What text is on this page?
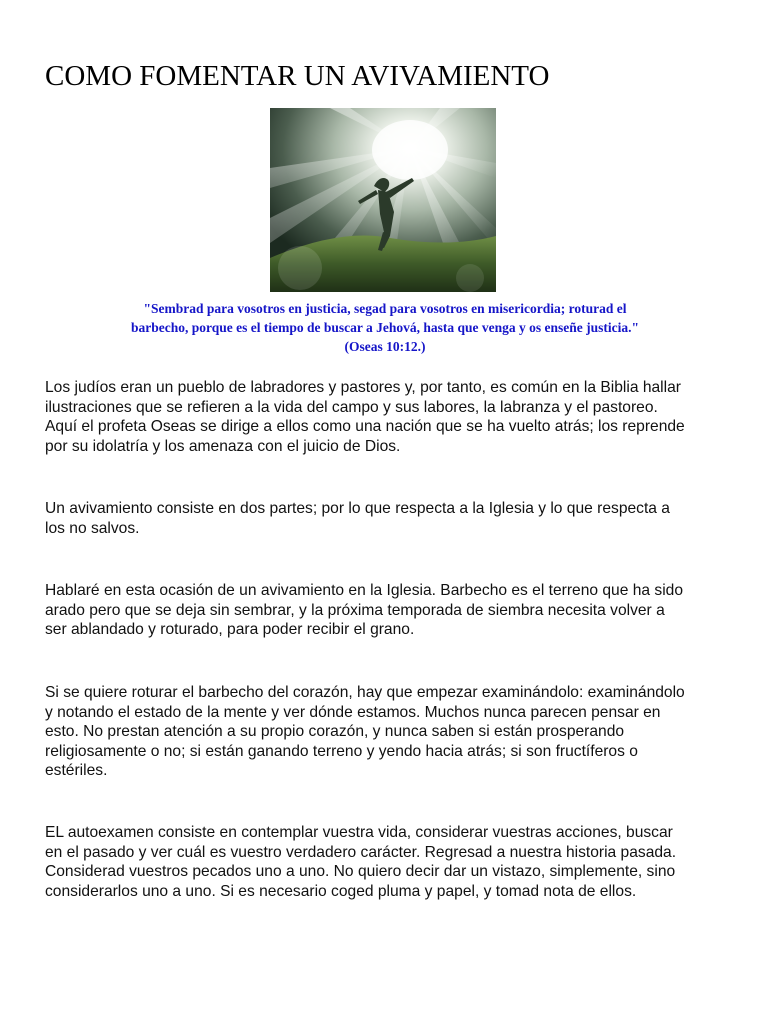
COMO FOMENTAR UN AVIVAMIENTO

"Sembrad para vosotros en justicia, segad para vosotros en misericordia; roturad el
barbecho, porque es el tiempo de buscar a Jehová, hasta que venga y os enseñe justicia."
(Oseas 10:12.)

Los judíos eran un pueblo de labradores y pastores y, por tanto, es común en la Biblia hallar
ilustraciones que se refieren a la vida del campo y sus labores, la labranza y el pastoreo.
Aquí el profeta Oseas se dirige a ellos como una nación que se ha vuelto atrás; los reprende
por su idolatría y los amenaza con el juicio de Dios.

Un avivamiento consiste en dos partes; por lo que respecta a la Iglesia y lo que respecta a
los no salvos.

Hablaré en esta ocasión de un avivamiento en la Iglesia. Barbecho es el terreno que ha sido
arado pero que se deja sin sembrar, y la próxima temporada de siembra necesita volver a
ser ablandado y roturado, para poder recibir el grano.

Si se quiere roturar el barbecho del corazón, hay que empezar examinándolo: examinándolo
y notando el estado de la mente y ver dónde estamos. Muchos nunca parecen pensar en
esto. No prestan atención a su propio corazón, y nunca saben si están prosperando
religiosamente o no; si están ganando terreno y yendo hacia atrás; si son fructíferos o
estériles.

EL autoexamen consiste en contemplar vuestra vida, considerar vuestras acciones, buscar
en el pasado y ver cuál es vuestro verdadero carácter. Regresad a nuestra historia pasada.
Considerad vuestros pecados uno a uno. No quiero decir dar un vistazo, simplemente, sino
considerarlos uno a uno. Si es necesario coged pluma y papel, y tomad nota de ellos.
